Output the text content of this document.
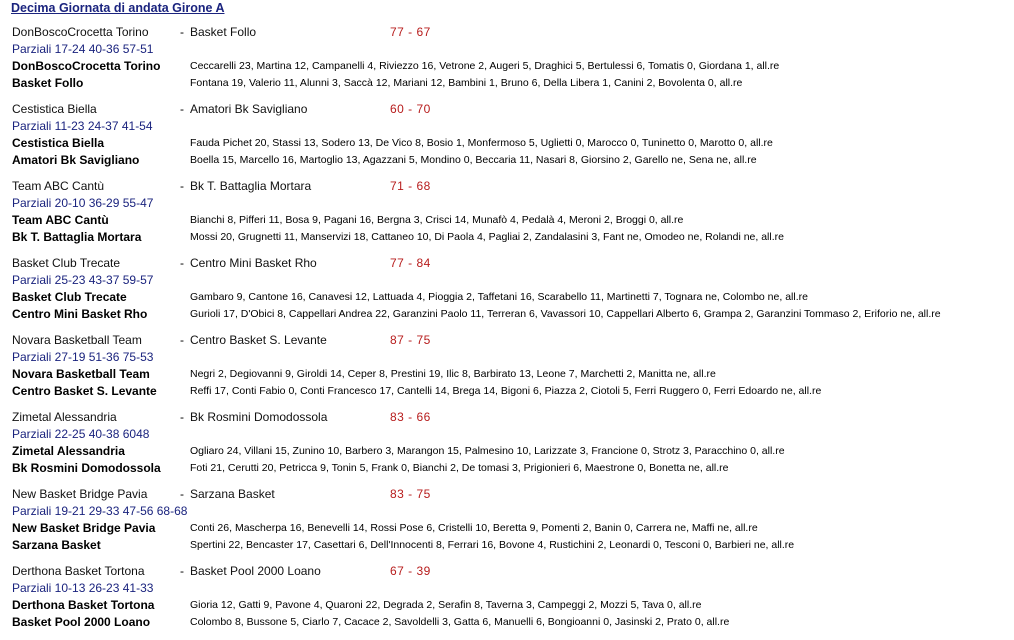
Decima Giornata di andata Girone A
DonBoscoCrocetta Torino	- Basket Follo	77 - 67
Parziali 17-24 40-36 57-51
DonBoscoCrocetta Torino	Ceccarelli 23, Martina 12, Campanelli 4, Riviezzo 16, Vetrone 2, Augeri 5, Draghici 5, Bertulessi 6, Tomatis 0, Giordana 1, all.re
Basket Follo	Fontana 19, Valerio 11, Alunni 3, Saccà 12, Mariani 12, Bambini 1, Bruno 6, Della Libera 1, Canini 2, Bovolenta 0, all.re
Cestistica Biella	- Amatori Bk Savigliano	60 - 70
Parziali 11-23 24-37 41-54
Cestistica Biella	Fauda Pichet 20, Stassi 13, Sodero 13, De Vico 8, Bosio 1, Monfermoso 5, Uglietti 0, Marocco 0, Tuninetto 0, Marotto 0, all.re
Amatori Bk Savigliano	Boella 15, Marcello 16, Martoglio 13, Agazzani 5, Mondino 0, Beccaria 11, Nasari 8, Giorsino 2, Garello ne, Sena ne, all.re
Team ABC Cantù	- Bk T. Battaglia Mortara	71 - 68
Parziali 20-10 36-29 55-47
Team ABC Cantù	Bianchi 8, Pifferi 11, Bosa 9, Pagani 16, Bergna 3, Crisci 14, Munafò 4, Pedalà 4, Meroni 2, Broggi 0, all.re
Bk T. Battaglia Mortara	Mossi 20, Grugnetti 11, Manservizi 18, Cattaneo 10, Di Paola 4, Pagliai 2, Zandalasini 3, Fant ne, Omodeo ne, Rolandi ne, all.re
Basket Club Trecate	- Centro Mini Basket Rho	77 - 84
Parziali 25-23 43-37 59-57
Basket Club Trecate	Gambaro 9, Cantone 16, Canavesi 12, Lattuada 4, Pioggia 2, Taffetani 16, Scarabello 11, Martinetti 7, Tognara ne, Colombo ne, all.re
Centro Mini Basket Rho	Gurioli 17, D'Obici 8, Cappellari Andrea 22, Garanzini Paolo 11, Terreran 6, Vavassori 10, Cappellari Alberto 6, Grampa 2, Garanzini Tommaso 2, Eriforio ne, all.re
Novara Basketball Team	- Centro Basket S. Levante	87 - 75
Parziali 27-19 51-36 75-53
Novara Basketball Team	Negri 2, Degiovanni 9, Giroldi 14, Ceper 8, Prestini 19, Ilic 8, Barbirato 13, Leone 7, Marchetti 2, Manitta ne, all.re
Centro Basket S. Levante	Reffi 17, Conti Fabio 0, Conti Francesco 17, Cantelli 14, Brega 14, Bigoni 6, Piazza 2, Ciotoli 5, Ferri Ruggero 0, Ferri Edoardo ne, all.re
Zimetal Alessandria	- Bk Rosmini Domodossola	83 - 66
Parziali 22-25 40-38 6048
Zimetal Alessandria	Ogliaro 24, Villani 15, Zunino 10, Barbero 3, Marangon 15, Palmesino 10, Larizzate 3, Francione 0, Strotz 3, Paracchino 0, all.re
Bk Rosmini Domodossola	Foti 21, Cerutti 20, Petricca 9, Tonin 5, Frank 0, Bianchi 2, De tomasi 3, Prigionieri 6, Maestrone 0, Bonetta ne, all.re
New Basket Bridge Pavia	- Sarzana Basket	83 - 75
Parziali 19-21 29-33 47-56 68-68
New Basket Bridge Pavia	Conti 26, Mascherpa 16, Benevelli 14, Rossi Pose 6, Cristelli 10, Beretta 9, Pomenti 2, Banin 0, Carrera ne, Maffi ne, all.re
Sarzana Basket	Spertini 22, Bencaster 17, Casettari 6, Dell'Innocenti 8, Ferrari 16, Bovone 4, Rustichini 2, Leonardi 0, Tesconi 0, Barbieri ne, all.re
Derthona Basket Tortona	- Basket Pool 2000 Loano	67 - 39
Parziali 10-13 26-23 41-33
Derthona Basket Tortona	Gioria 12, Gatti 9, Pavone 4, Quaroni 22, Degrada 2, Serafin 8, Taverna 3, Campeggi 2, Mozzi 5, Tava 0, all.re
Basket Pool 2000 Loano	Colombo 8, Bussone 5, Ciarlo 7, Cacace 2, Savoldelli 3, Gatta 6, Manuelli 6, Bongioanni 0, Jasinski 2, Prato 0, all.re
